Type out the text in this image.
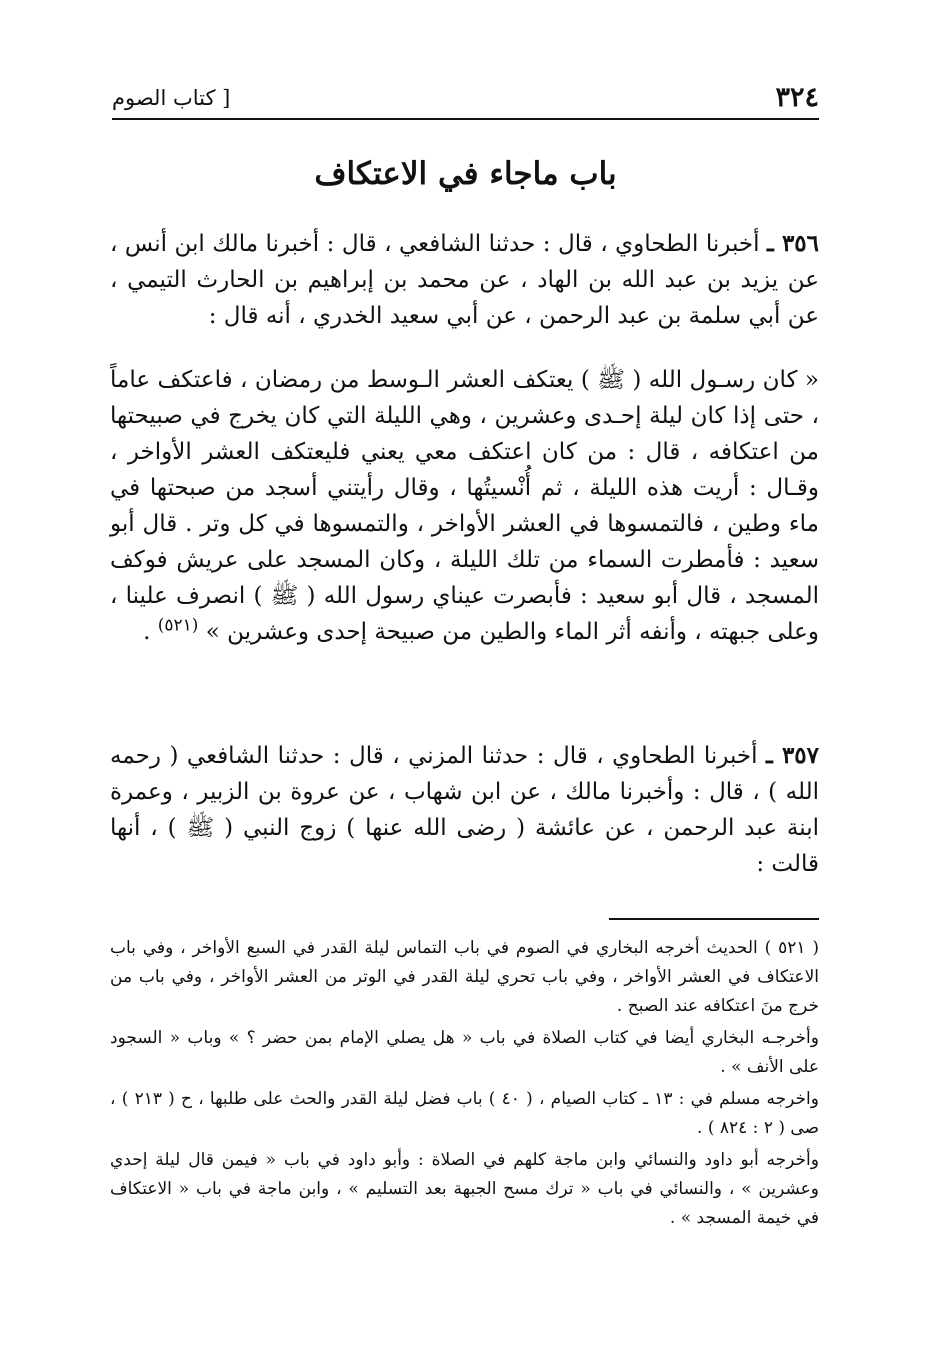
٣٢٤
[ كتاب الصوم
باب ماجاء في الاعتكاف

٣٥٦ ـ أخبرنا الطحاوي ، قال : حدثنا الشافعي ، قال : أخبرنا مالك ابن أنس ، عن يزيد بن عبد الله بن الهاد ، عن محمد بن إبراهيم بن الحارث التيمي ، عن أبي سلمة بن عبد الرحمن ، عن أبي سعيد الخدري ، أنه قال :

« كان رسـول الله ( ﷺ ) يعتكف العشر الـوسط من رمضان ، فاعتكف عاماً ، حتى إذا كان ليلة إحـدى وعشرين ، وهي الليلة التي كان يخرج في صبيحتها من اعتكافه ، قال : من كان اعتكف معي يعني فليعتكف العشر الأواخر ، وقـال : أريت هذه الليلة ، ثم أُنْسيتُها ، وقال رأيتني أسجد من صبحتها في ماء وطين ، فالتمسوها في العشر الأواخر ، والتمسوها في كل وتر . قال أبو سعيد : فأمطرت السماء من تلك الليلة ، وكان المسجد على عريش فوكف المسجد ، قال أبو سعيد : فأبصرت عيناي رسول الله ( ﷺ ) انصرف علينا ، وعلى جبهته ، وأنفه أثر الماء والطين من صبيحة إحدى وعشرين » $^{(٥٢١)}$ .

٣٥٧ ـ أخبرنا الطحاوي ، قال : حدثنا المزني ، قال : حدثنا الشافعي ( رحمه الله ) ، قال : وأخبرنا مالك ، عن ابن شهاب ، عن عروة بن الزبير ، وعمرة ابنة عبد الرحمن ، عن عائشة ( رضى الله عنها ) زوج النبي ( ﷺ ) ، أنها قالت :

( ٥٢١ ) الحديث أخرجه البخاري في الصوم في باب التماس ليلة القدر في السبع الأواخر ، وفي باب الاعتكاف في العشر الأواخر ، وفي باب تحري ليلة القدر في الوتر من العشر الأواخر ، وفي باب من خرج منَ اعتكافه عند الصبح .

وأخرجـه البخاري أيضا في كتاب الصلاة في باب « هل يصلي الإمام بمن حضر ؟ » وباب « السجود على الأنف » .

واخرجه مسلم في : ١٣ ـ كتاب الصيام ، ( ٤٠ ) باب فضل ليلة القدر والحث على طلبها ، ح ( ٢١٣ ) ، صى ( ٢ : ٨٢٤ ) .

وأخرجه أبو داود والنسائي وابن ماجة كلهم في الصلاة : وأبو داود في باب « فيمن قال ليلة إحدي وعشرين » ، والنسائي في باب « ترك مسح الجبهة بعد التسليم » ، وابن ماجة في باب « الاعتكاف في خيمة المسجد » .
